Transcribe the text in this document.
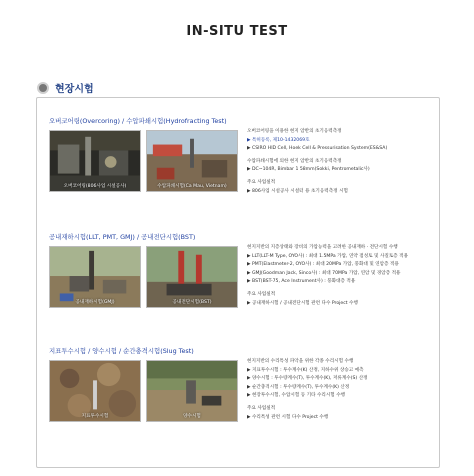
IN-SITU TEST
현장시험
오버코어링(Overcoring) / 수압파쇄시험(Hydrofracting Test)
오버코어링(806사업 시설공사)	수압파쇄시험(Ca Mau, Vietnam)
오버코어링을 이용한 현지 암반의 초기응력측정
▶ 특허등록, 제10-1432069호
▶ CSIRO HID Cell, Hoek Cell & Pressurisation System(ES&SA)
수압파쇄시험에 의한 현지 암반의 초기응력측정
▶ DC~104R, Bimbar 1 58mm(Sokki, Pentrometalic사)
주요 사업실적
▶ 806사업 시설공사 시설터 용 초기응력측정 시험
공내재하시험(LLT, PMT, GMJ) / 공내전단시험(BST)
공내재하시험(GMJ)	공내전단시험(BST)
현지지반의 지층상태와 장비의 가압능력을 고려한 공내재하 · 전단시험 수행
▶ LLT(LLT-M Type, OYO사) : 최대 1.5MPa 가압, 연약 점성토 및 사질토층 적용
▶ PMT(Elastmeter-2, OYO사) : 최대 20MPa 가압, 풍화대 및 연암층 적용
▶ GMJ(Goodman Jack, Sinco사) : 최대 70MPa 가압, 연암 및 경암층 적용
▶ BST(BST-75, Ace Instrument사) : 풍화대층 적용
주요 사업실적
▶ 공내재하시험 / 공내전단시험 관련 다수 Project 수행
지표투수시험 / 양수시험 / 순간충격시험(Slug Test)
지표투수시험	양수시험
현지지반의 수리특성 파악을 위한 각종 수리시험 수행
▶ 지표투수시험 : 투수계수(K) 산정, 지하수위 상승고 예측
▶ 양수시험 : 투수량계수(T), 투수계수(K), 저류계수(S) 산정
▶ 순간충격시험 : 투수량계수(T), 투수계수(K) 산정
▶ 현장투수시험, 수압시험 등 기타 수리시험 수행
주요 사업실적
▶ 수리특성 관련 시험 다수 Project 수행
